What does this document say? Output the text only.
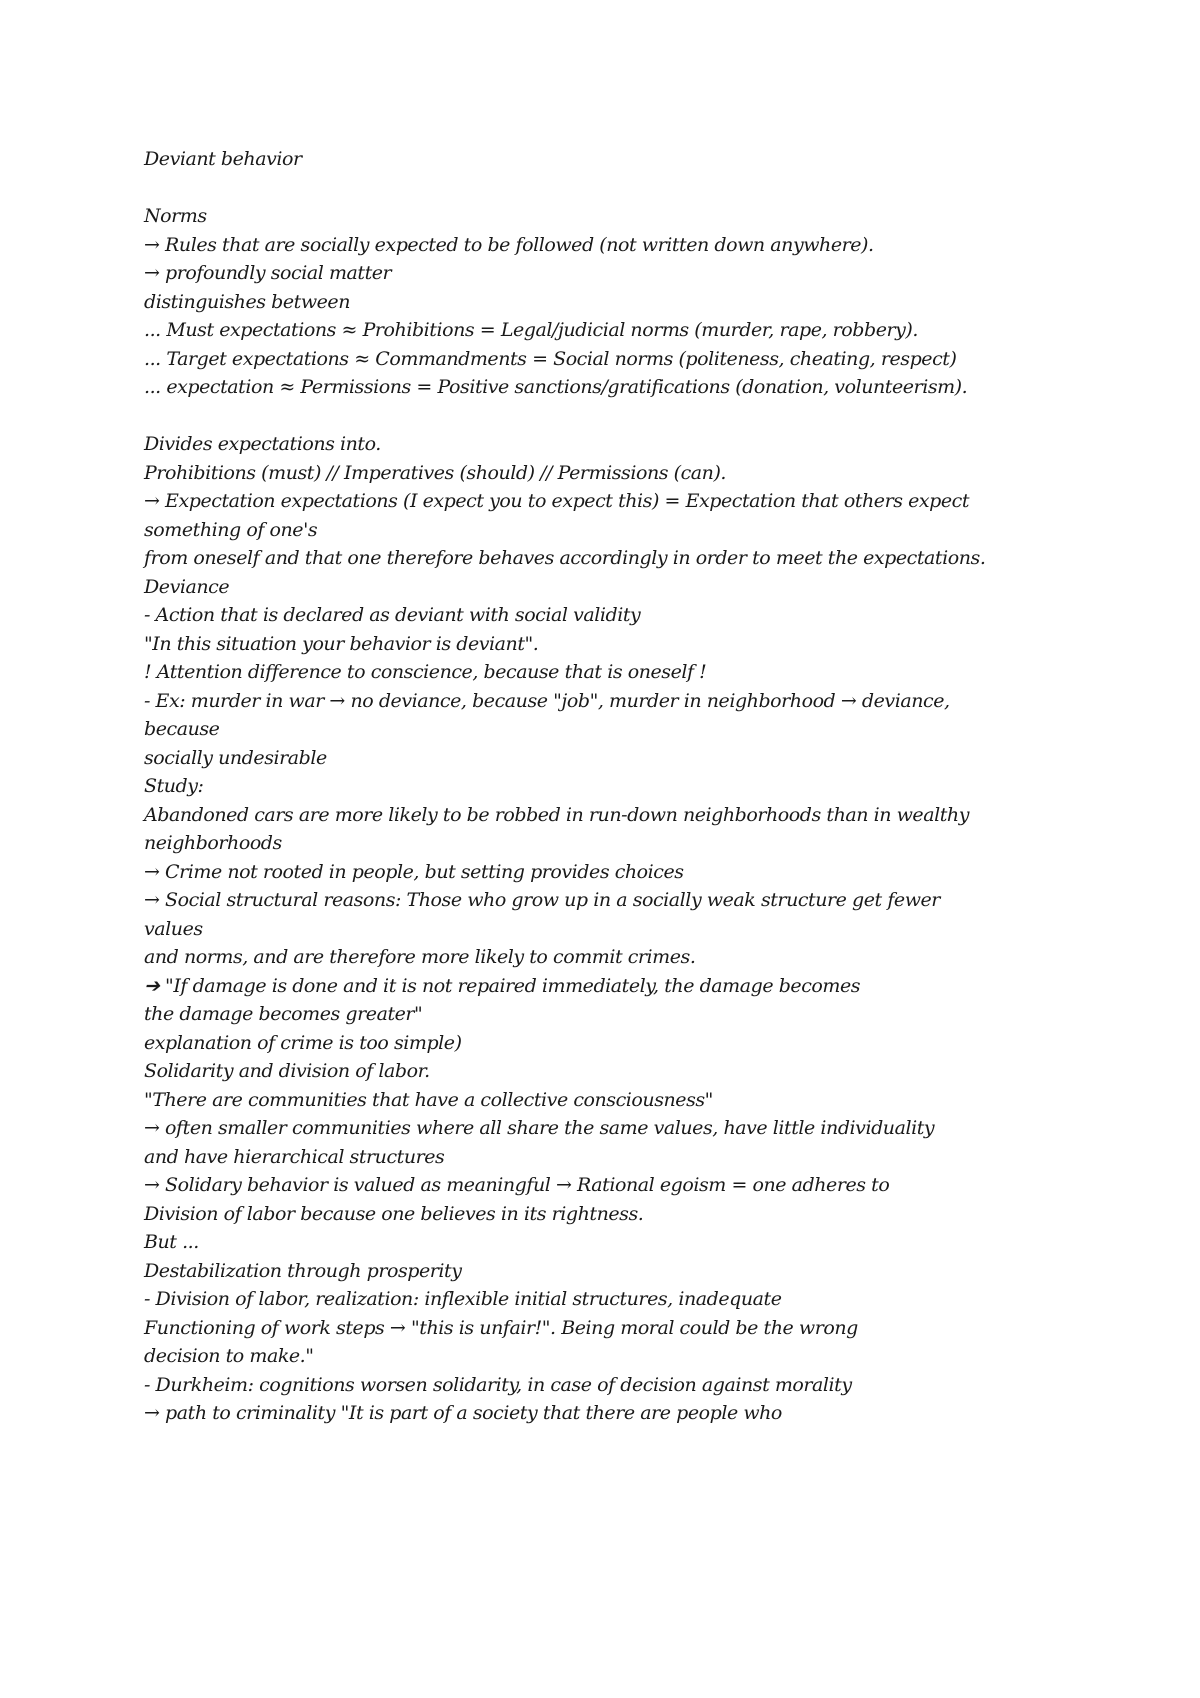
Deviant behavior
Norms
→ Rules that are socially expected to be followed (not written down anywhere).
→ profoundly social matter
distinguishes between
... Must expectations ≈ Prohibitions = Legal/judicial norms (murder, rape, robbery).
... Target expectations ≈ Commandments = Social norms (politeness, cheating, respect)
... expectation ≈ Permissions = Positive sanctions/gratifications (donation, volunteerism).
Divides expectations into.
Prohibitions (must) // Imperatives (should) // Permissions (can).
→ Expectation expectations (I expect you to expect this) = Expectation that others expect
something of one's
from oneself and that one therefore behaves accordingly in order to meet the expectations.
Deviance
- Action that is declared as deviant with social validity
"In this situation your behavior is deviant".
! Attention difference to conscience, because that is oneself !
- Ex: murder in war → no deviance, because "job", murder in neighborhood → deviance,
because
socially undesirable
Study:
Abandoned cars are more likely to be robbed in run-down neighborhoods than in wealthy
neighborhoods
→ Crime not rooted in people, but setting provides choices
→ Social structural reasons: Those who grow up in a socially weak structure get fewer
values
and norms, and are therefore more likely to commit crimes.
➔ "If damage is done and it is not repaired immediately, the damage becomes
the damage becomes greater"
explanation of crime is too simple)
Solidarity and division of labor.
"There are communities that have a collective consciousness"
→ often smaller communities where all share the same values, have little individuality
and have hierarchical structures
→ Solidary behavior is valued as meaningful → Rational egoism = one adheres to
Division of labor because one believes in its rightness.
But ...
Destabilization through prosperity
- Division of labor, realization: inflexible initial structures, inadequate
Functioning of work steps → "this is unfair!". Being moral could be the wrong
decision to make."
- Durkheim: cognitions worsen solidarity, in case of decision against morality
→ path to criminality "It is part of a society that there are people who
